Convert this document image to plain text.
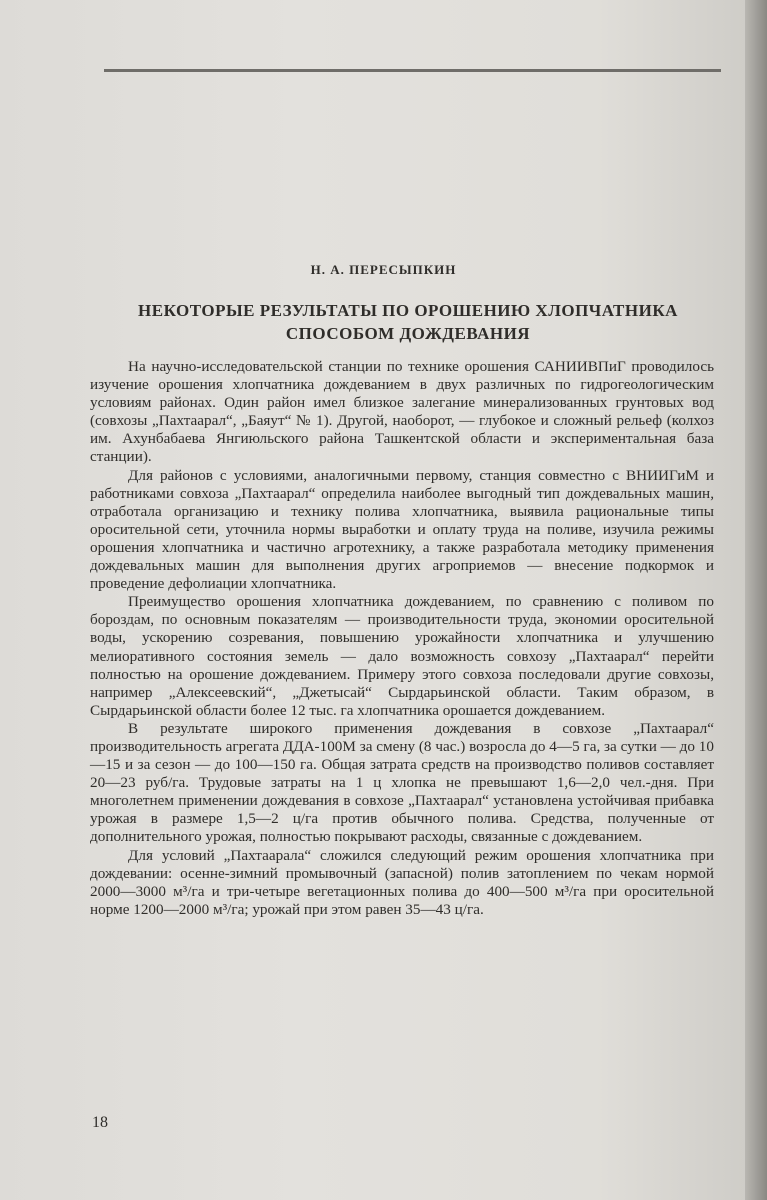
Н. А. ПЕРЕСЫПКИН
НЕКОТОРЫЕ РЕЗУЛЬТАТЫ ПО ОРОШЕНИЮ ХЛОПЧАТНИКА
СПОСОБОМ ДОЖДЕВАНИЯ

На научно-исследовательской станции по технике орошения САНИИВПиГ проводилось изучение орошения хлопчатника дождеванием в двух различных по гидрогеологическим условиям районах. Один район имел близкое залегание минерализованных грунтовых вод (совхозы „Пахтаарал“, „Баяут“ № 1). Другой, наоборот, — глубокое и сложный рельеф (колхоз им. Ахунбабаева Янгиюльского района Ташкентской области и экспериментальная база станции).

Для районов с условиями, аналогичными первому, станция совместно с ВНИИГиМ и работниками совхоза „Пахтаарал“ определила наиболее выгодный тип дождевальных машин, отработала организацию и технику полива хлопчатника, выявила рациональные типы оросительной сети, уточнила нормы выработки и оплату труда на поливе, изучила режимы орошения хлопчатника и частично агротехнику, а также разработала методику применения дождевальных машин для выполнения других агроприемов — внесение подкормок и проведение дефолиации хлопчатника.

Преимущество орошения хлопчатника дождеванием, по сравнению с поливом по бороздам, по основным показателям — производительности труда, экономии оросительной воды, ускорению созревания, повышению урожайности хлопчатника и улучшению мелиоративного состояния земель — дало возможность совхозу „Пахтаарал“ перейти полностью на орошение дождеванием. Примеру этого совхоза последовали другие совхозы, например „Алексеевский“, „Джетысай“ Сырдарьинской области. Таким образом, в Сырдарьинской области более 12 тыс. га хлопчатника орошается дождеванием.

В результате широкого применения дождевания в совхозе „Пахтаарал“ производительность агрегата ДДА-100М за смену (8 час.) возросла до 4—5 га, за сутки — до 10—15 и за сезон — до 100—150 га. Общая затрата средств на производство поливов составляет 20—23 руб/га. Трудовые затраты на 1 ц хлопка не превышают 1,6—2,0 чел.-дня. При многолетнем применении дождевания в совхозе „Пахтаарал“ установлена устойчивая прибавка урожая в размере 1,5—2 ц/га против обычного полива. Средства, полученные от дополнительного урожая, полностью покрывают расходы, связанные с дождеванием.

Для условий „Пахтаарала“ сложился следующий режим орошения хлопчатника при дождевании: осенне-зимний промывочный (запасной) полив затоплением по чекам нормой 2000—3000 м³/га и три-четыре вегетационных полива до 400—500 м³/га при оросительной норме 1200—2000 м³/га; урожай при этом равен 35—43 ц/га.

18
